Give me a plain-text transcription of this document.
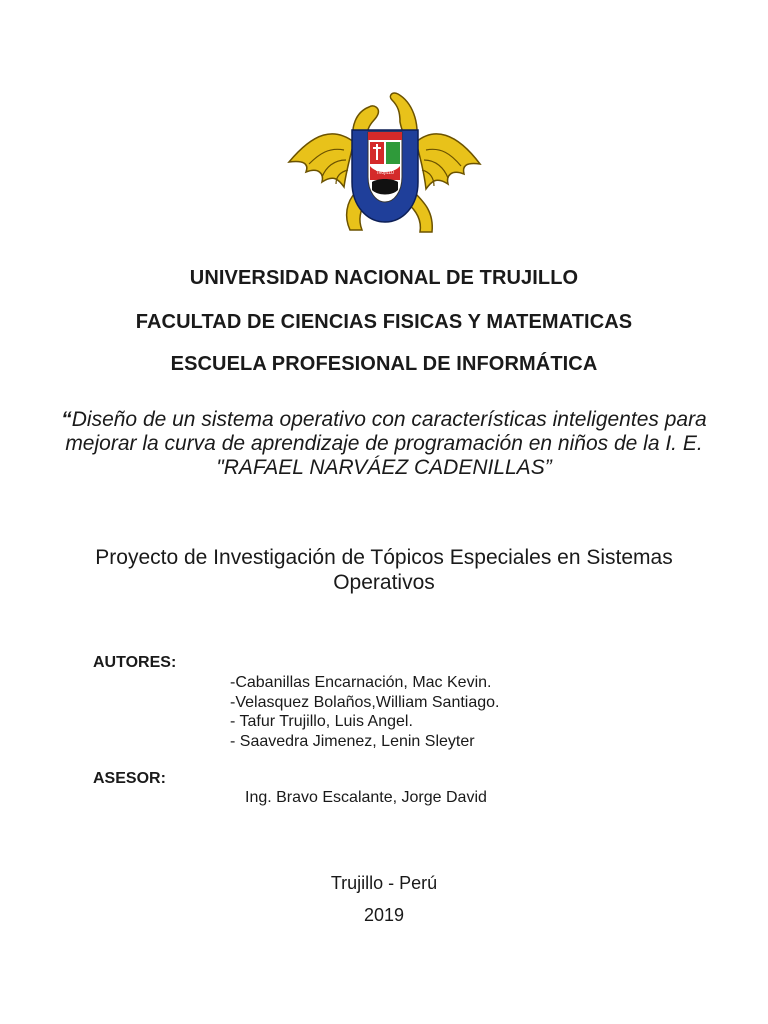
TRUJILLO
UNIVERSIDAD NACIONAL DE TRUJILLO
FACULTAD DE CIENCIAS FISICAS Y MATEMATICAS
ESCUELA PROFESIONAL DE INFORMÁTICA
“Diseño de un sistema operativo con características inteligentes para mejorar la curva de aprendizaje de programación en niños de la I. E. "RAFAEL NARVÁEZ CADENILLAS”
Proyecto de Investigación de Tópicos Especiales en Sistemas Operativos
AUTORES:
-Cabanillas Encarnación, Mac Kevin.
-Velasquez Bolaños,William Santiago.
- Tafur Trujillo, Luis Angel.
- Saavedra Jimenez, Lenin Sleyter
ASESOR:
Ing. Bravo Escalante, Jorge David
Trujillo - Perú
2019
